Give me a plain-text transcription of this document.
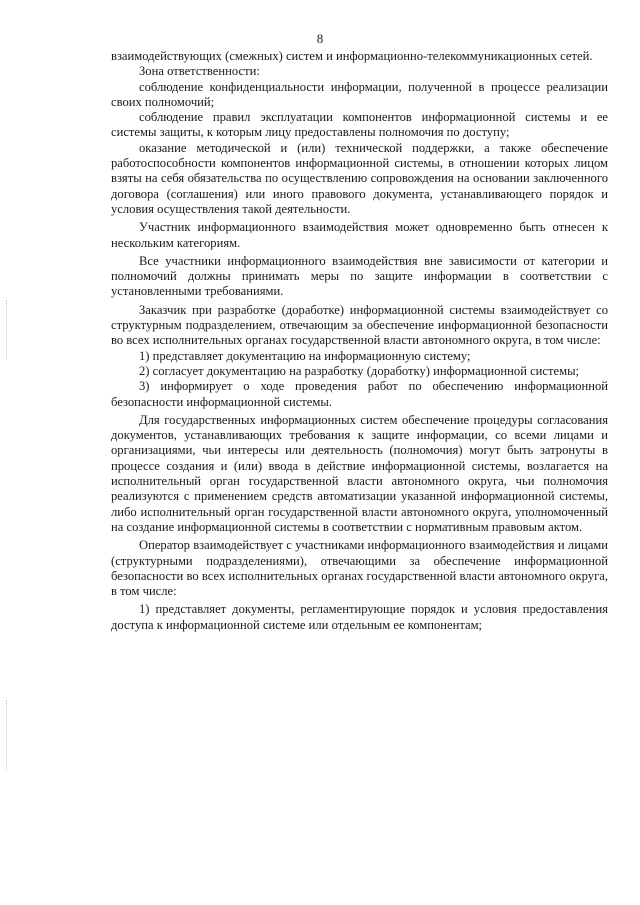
8

взаимодействующих (смежных) систем и информационно-телекоммуникационных сетей.

Зона ответственности:

соблюдение конфиденциальности информации, полученной в процессе реализации своих полномочий;

соблюдение правил эксплуатации компонентов информационной системы и ее системы защиты, к которым лицу предоставлены полномочия по доступу;

оказание методической и (или) технической поддержки, а также обеспечение работоспособности компонентов информационной системы, в отношении которых лицом взяты на себя обязательства по осуществлению сопровождения на основании заключенного договора (соглашения) или иного правового документа, устанавливающего порядок и условия осуществления такой деятельности.

Участник информационного взаимодействия может одновременно быть отнесен к нескольким категориям.

Все участники информационного взаимодействия вне зависимости от категории и полномочий должны принимать меры по защите информации в соответствии с установленными требованиями.

Заказчик при разработке (доработке) информационной системы взаимодействует со структурным подразделением, отвечающим за обеспечение информационной безопасности во всех исполнительных органах государственной власти автономного округа, в том числе:

1) представляет документацию на информационную систему;

2) согласует документацию на разработку (доработку) информационной системы;

3) информирует о ходе проведения работ по обеспечению информационной безопасности информационной системы.

Для государственных информационных систем обеспечение процедуры согласования документов, устанавливающих требования к защите информации, со всеми лицами и организациями, чьи интересы или деятельность (полномочия) могут быть затронуты в процессе создания и (или) ввода в действие информационной системы, возлагается на исполнительный орган государственной власти автономного округа, чьи полномочия реализуются с применением средств автоматизации указанной информационной системы, либо исполнительный орган государственной власти автономного округа, уполномоченный на создание информационной системы в соответствии с нормативным правовым актом.

Оператор взаимодействует с участниками информационного взаимодействия и лицами (структурными подразделениями), отвечающими за обеспечение информационной безопасности во всех исполнительных органах государственной власти автономного округа, в том числе:

1) представляет документы, регламентирующие порядок и условия предоставления доступа к информационной системе или отдельным ее компонентам;
